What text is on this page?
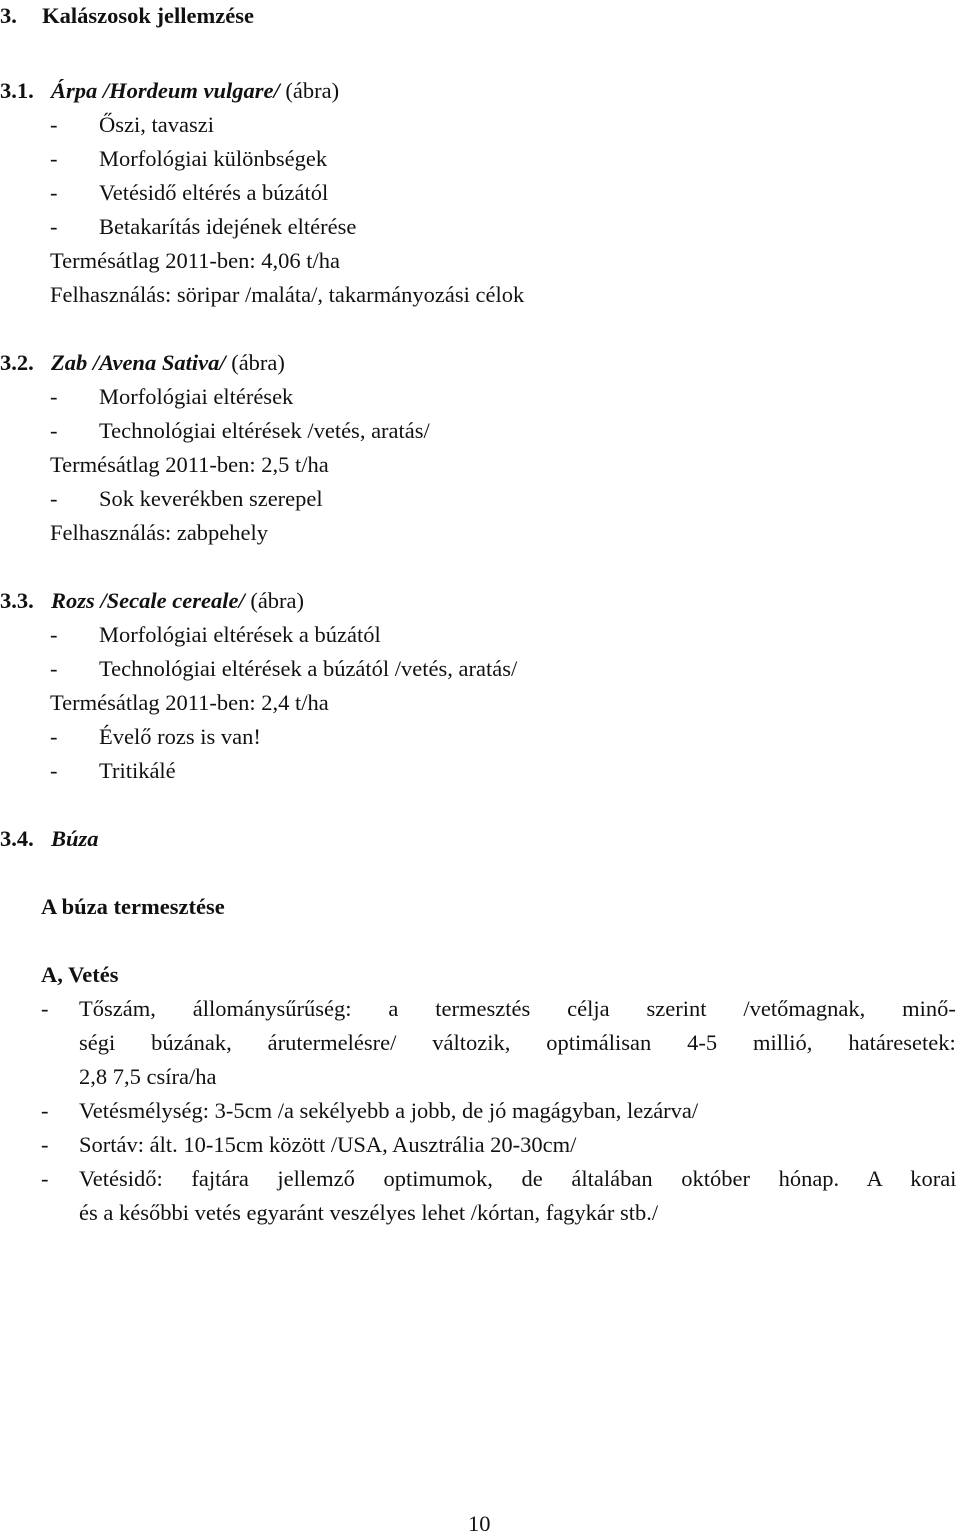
3. Kalászosok jellemzése
3.1. Árpa /Hordeum vulgare/ (ábra)
- Őszi, tavaszi
- Morfológiai különbségek
- Vetésidő eltérés a búzától
- Betakarítás idejének eltérése
Termésátlag 2011-ben: 4,06 t/ha
Felhasználás: söripar /maláta/, takarmányozási célok
3.2. Zab /Avena Sativa/ (ábra)
- Morfológiai eltérések
- Technológiai eltérések /vetés, aratás/
Termésátlag 2011-ben: 2,5 t/ha
- Sok keverékben szerepel
Felhasználás: zabpehely
3.3. Rozs /Secale cereale/ (ábra)
- Morfológiai eltérések a búzától
- Technológiai eltérések a búzától /vetés, aratás/
Termésátlag 2011-ben: 2,4 t/ha
- Évelő rozs is van!
- Tritikálé
3.4. Búza
A búza termesztése
A, Vetés
- Tőszám, állománysűrűség: a termesztés célja szerint /vetőmagnak, minő-
ségi búzának, árutermelésre/ változik, optimálisan 4-5 millió, határesetek:
2,8 7,5 csíra/ha
- Vetésmélység: 3-5cm /a sekélyebb a jobb, de jó magágyban, lezárva/
- Sortáv: ált. 10-15cm között /USA, Ausztrália 20-30cm/
- Vetésidő: fajtára jellemző optimumok, de általában október hónap. A korai
és a későbbi vetés egyaránt veszélyes lehet /kórtan, fagykár stb./
10
